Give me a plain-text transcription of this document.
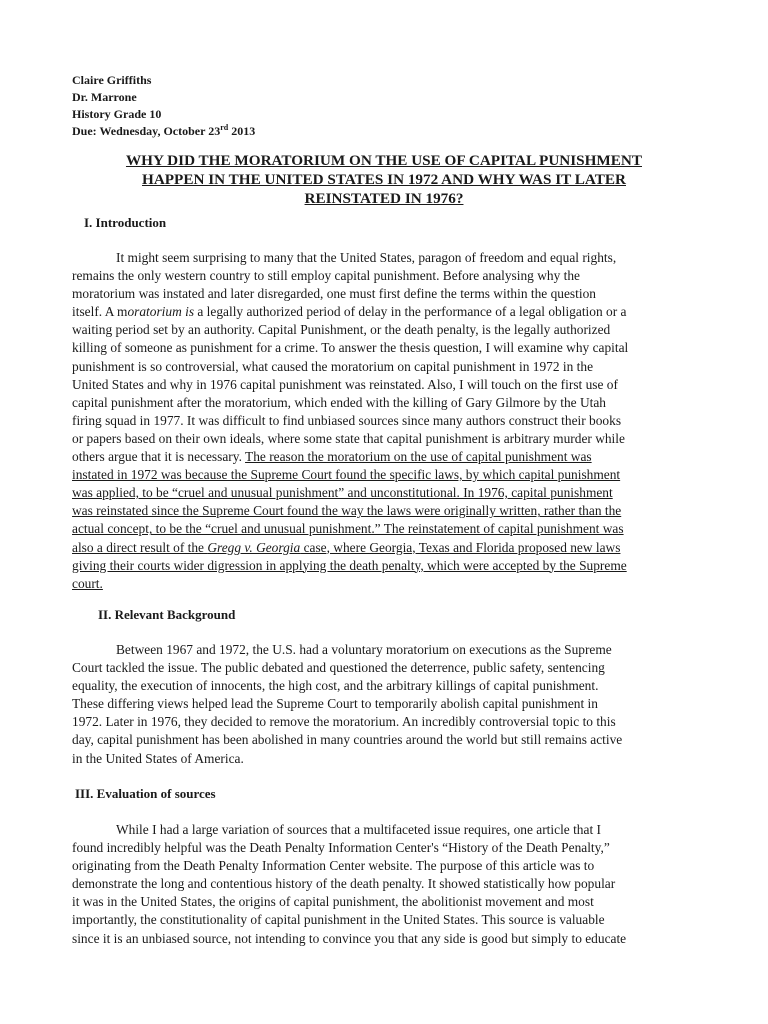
Claire Griffiths
Dr. Marrone
History Grade 10
Due: Wednesday, October 23rd 2013
WHY DID THE MORATORIUM ON THE USE OF CAPITAL PUNISHMENT
HAPPEN IN THE UNITED STATES IN 1972 AND WHY WAS IT LATER
REINSTATED IN 1976?
I. Introduction
It might seem surprising to many that the United States, paragon of freedom and equal rights,
remains the only western country to still employ capital punishment. Before analysing why the
moratorium was instated and later disregarded, one must first define the terms within the question
itself. A moratorium is a legally authorized period of delay in the performance of a legal obligation or a
waiting period set by an authority. Capital Punishment, or the death penalty, is the legally authorized
killing of someone as punishment for a crime. To answer the thesis question, I will examine why capital
punishment is so controversial, what caused the moratorium on capital punishment in 1972 in the
United States and why in 1976 capital punishment was reinstated. Also, I will touch on the first use of
capital punishment after the moratorium, which ended with the killing of Gary Gilmore by the Utah
firing squad in 1977. It was difficult to find unbiased sources since many authors construct their books
or papers based on their own ideals, where some state that capital punishment is arbitrary murder while
others argue that it is necessary. The reason the moratorium on the use of capital punishment was
instated in 1972 was because the Supreme Court found the specific laws, by which capital punishment
was applied, to be “cruel and unusual punishment” and unconstitutional. In 1976, capital punishment
was reinstated since the Supreme Court found the way the laws were originally written, rather than the
actual concept, to be the “cruel and unusual punishment.” The reinstatement of capital punishment was
also a direct result of the Gregg v. Georgia case, where Georgia, Texas and Florida proposed new laws
giving their courts wider digression in applying the death penalty, which were accepted by the Supreme
court.
II. Relevant Background
Between 1967 and 1972, the U.S. had a voluntary moratorium on executions as the Supreme
Court tackled the issue. The public debated and questioned the deterrence, public safety, sentencing
equality, the execution of innocents, the high cost, and the arbitrary killings of capital punishment.
These differing views helped lead the Supreme Court to temporarily abolish capital punishment in
1972. Later in 1976, they decided to remove the moratorium. An incredibly controversial topic to this
day, capital punishment has been abolished in many countries around the world but still remains active
in the United States of America.
III. Evaluation of sources
While I had a large variation of sources that a multifaceted issue requires, one article that I
found incredibly helpful was the Death Penalty Information Center's “History of the Death Penalty,”
originating from the Death Penalty Information Center website. The purpose of this article was to
demonstrate the long and contentious history of the death penalty. It showed statistically how popular
it was in the United States, the origins of capital punishment, the abolitionist movement and most
importantly, the constitutionality of capital punishment in the United States. This source is valuable
since it is an unbiased source, not intending to convince you that any side is good but simply to educate
